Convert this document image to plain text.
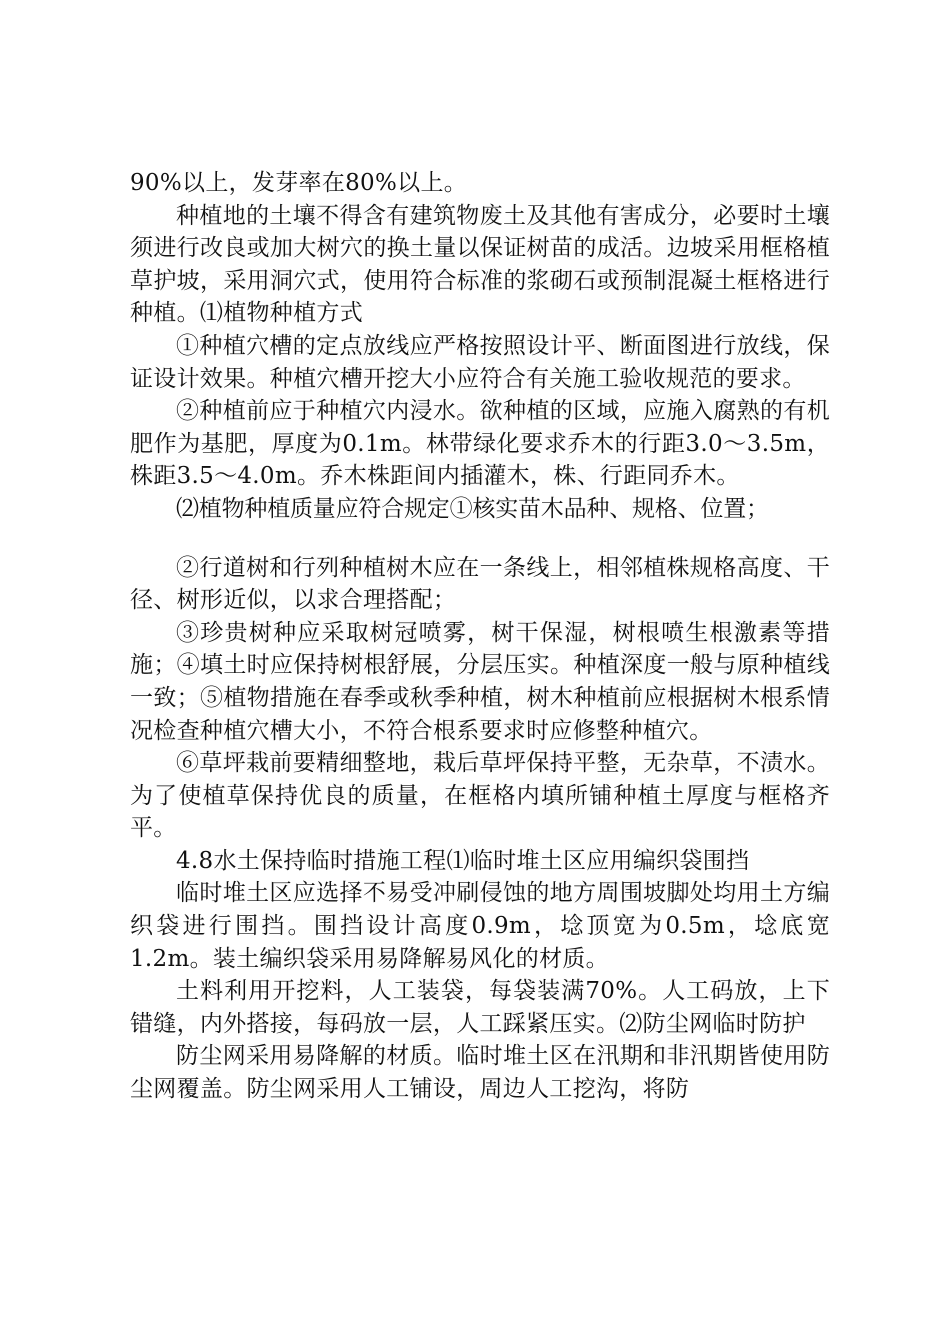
90%以上，发芽率在80%以上。

种植地的土壤不得含有建筑物废土及其他有害成分，必要时土壤须进行改良或加大树穴的换土量以保证树苗的成活。边坡采用框格植草护坡，采用洞穴式，使用符合标准的浆砌石或预制混凝土框格进行种植。⑴植物种植方式

①种植穴槽的定点放线应严格按照设计平、断面图进行放线，保证设计效果。种植穴槽开挖大小应符合有关施工验收规范的要求。

②种植前应于种植穴内浸水。欲种植的区域，应施入腐熟的有机肥作为基肥，厚度为0.1m。林带绿化要求乔木的行距3.0～3.5m，株距3.5～4.0m。乔木株距间内插灌木，株、行距同乔木。

⑵植物种植质量应符合规定①核实苗木品种、规格、位置；

②行道树和行列种植树木应在一条线上，相邻植株规格高度、干径、树形近似，以求合理搭配；

③珍贵树种应采取树冠喷雾，树干保湿，树根喷生根激素等措施；④填土时应保持树根舒展，分层压实。种植深度一般与原种植线一致；⑤植物措施在春季或秋季种植，树木种植前应根据树木根系情况检查种植穴槽大小，不符合根系要求时应修整种植穴。

⑥草坪栽前要精细整地，栽后草坪保持平整，无杂草，不渍水。为了使植草保持优良的质量，在框格内填所铺种植土厚度与框格齐平。

4.8水土保持临时措施工程⑴临时堆土区应用编织袋围挡

临时堆土区应选择不易受冲刷侵蚀的地方周围坡脚处均用土方编织袋进行围挡。围挡设计高度0.9m，埝顶宽为0.5m，埝底宽1.2m。装土编织袋采用易降解易风化的材质。

土料利用开挖料，人工装袋，每袋装满70%。人工码放，上下错缝，内外搭接，每码放一层，人工踩紧压实。⑵防尘网临时防护

防尘网采用易降解的材质。临时堆土区在汛期和非汛期皆使用防尘网覆盖。防尘网采用人工铺设，周边人工挖沟，将防
